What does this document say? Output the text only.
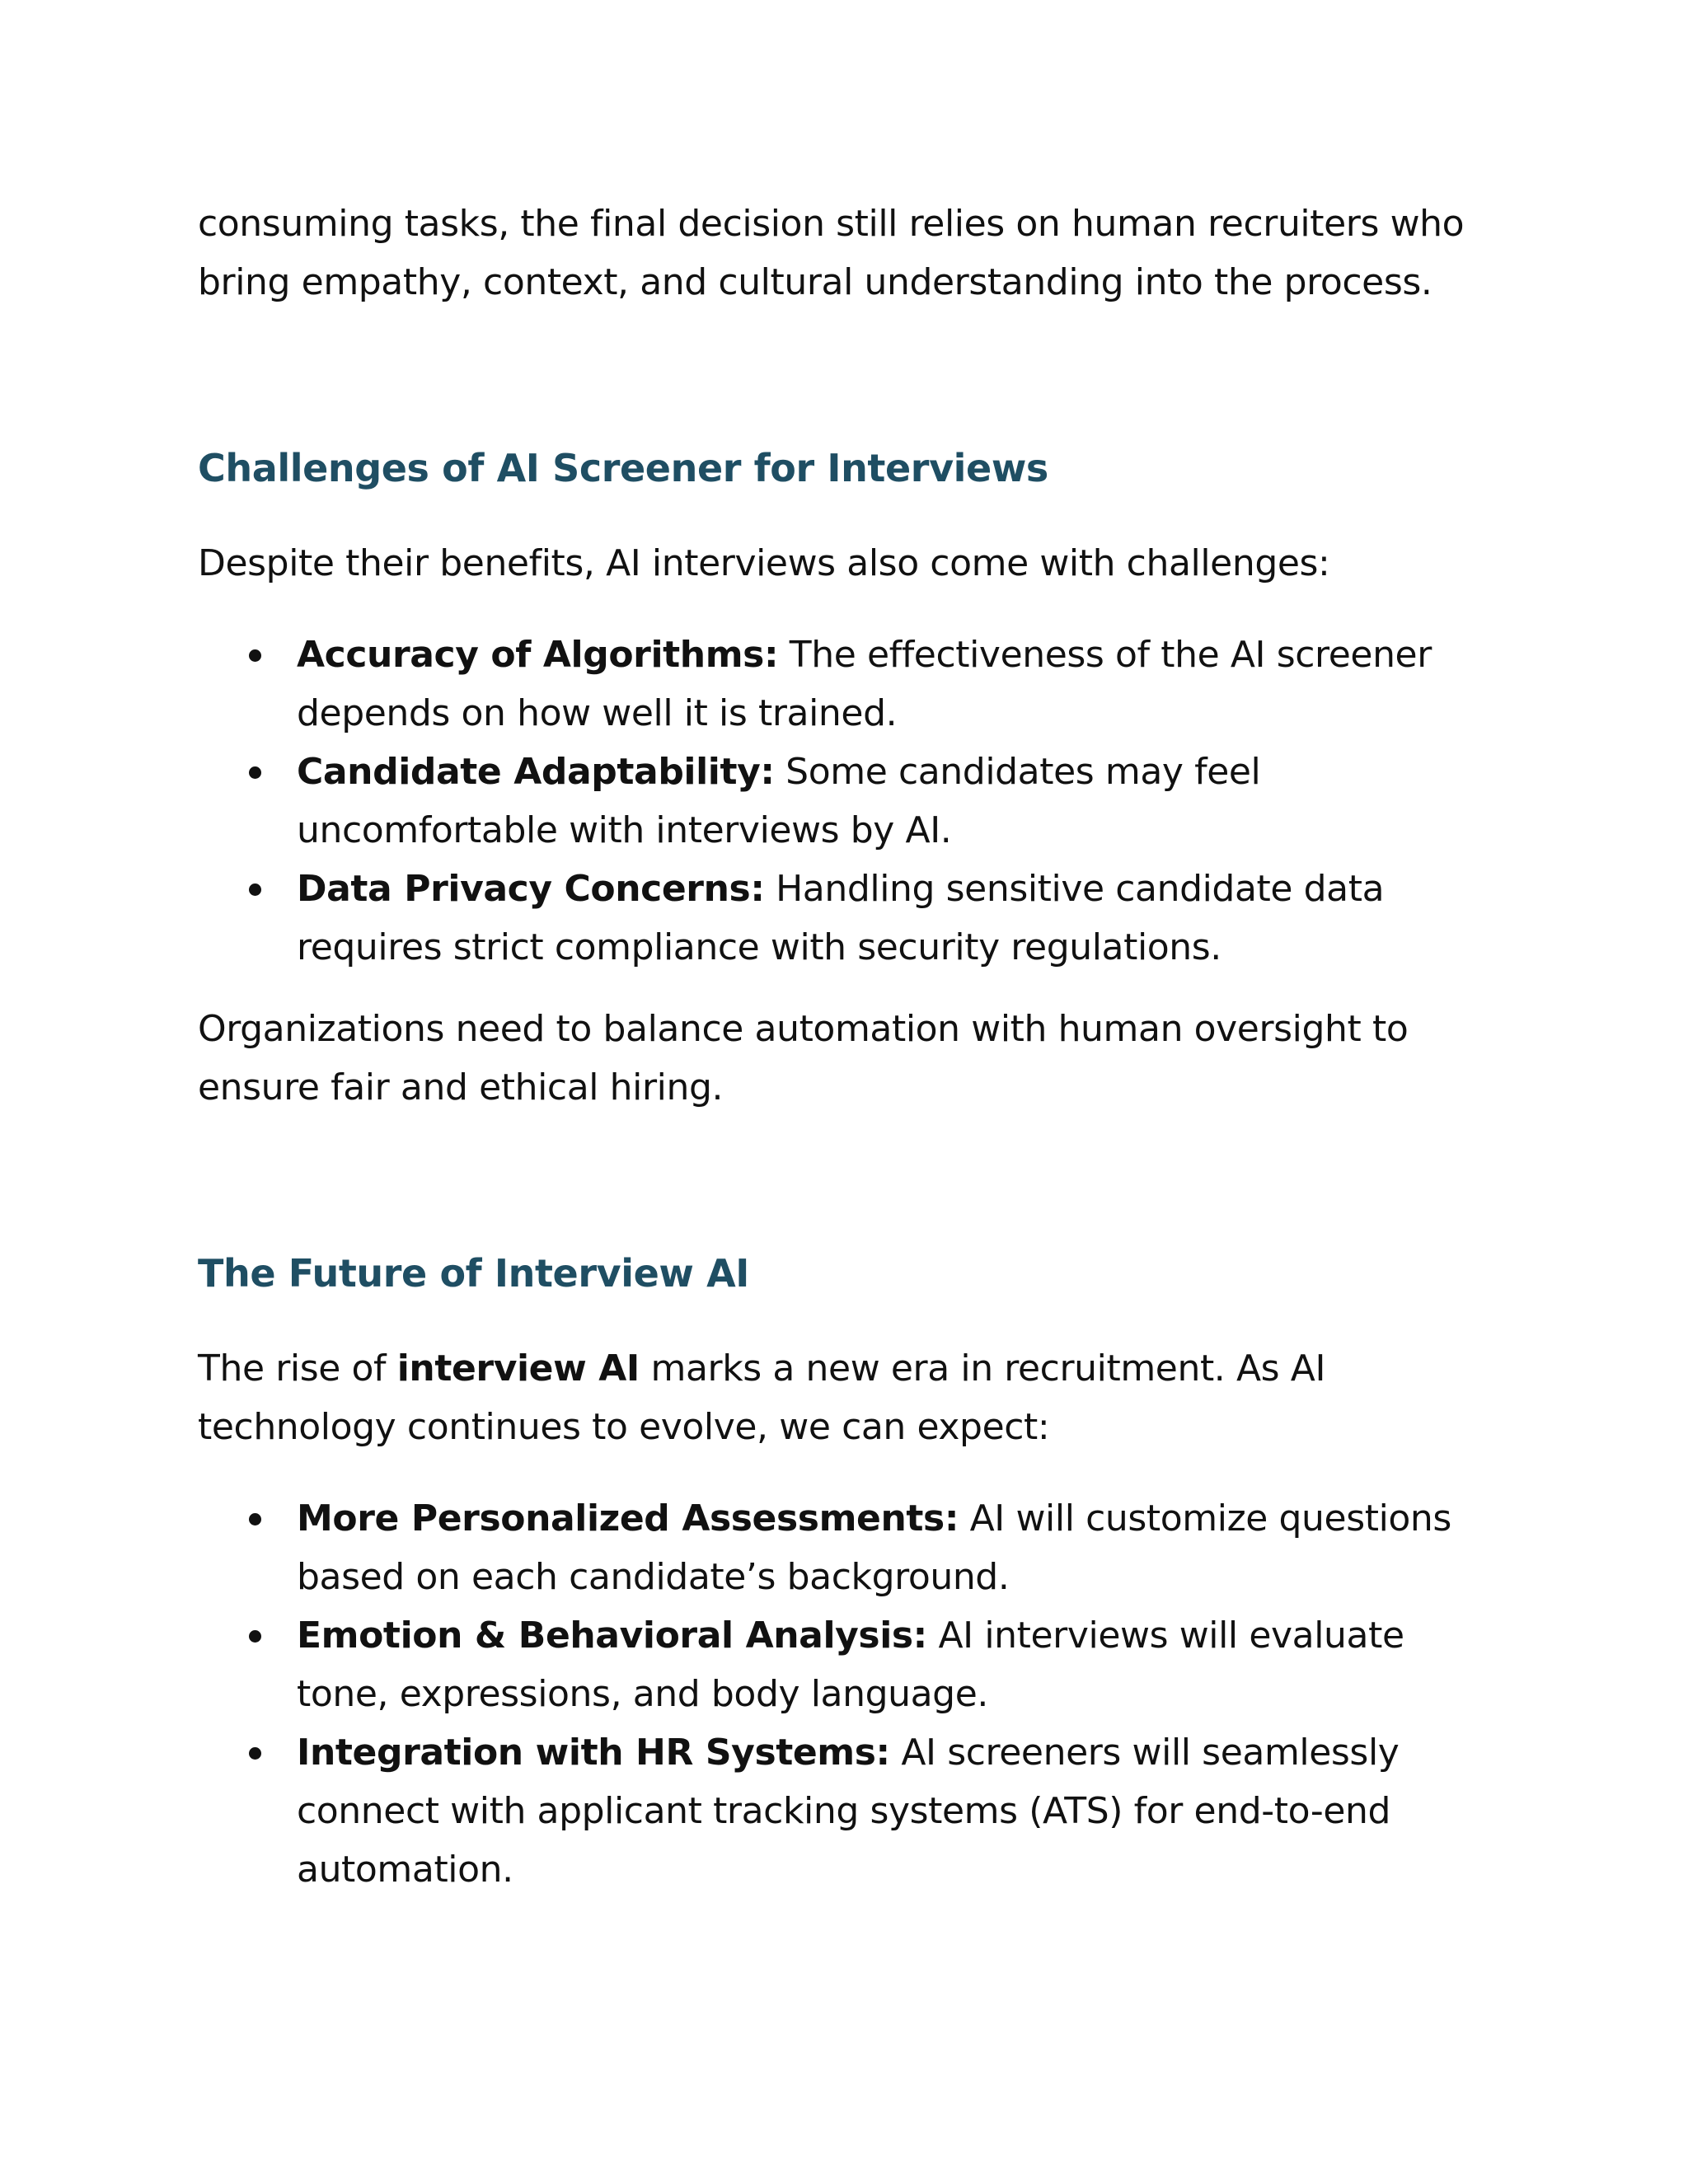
consuming tasks, the final decision still relies on human recruiters who bring empathy, context, and cultural understanding into the process.

Challenges of AI Screener for Interviews

Despite their benefits, AI interviews also come with challenges:

Accuracy of Algorithms: The effectiveness of the AI screener depends on how well it is trained.
Candidate Adaptability: Some candidates may feel uncomfortable with interviews by AI.
Data Privacy Concerns: Handling sensitive candidate data requires strict compliance with security regulations.

Organizations need to balance automation with human oversight to ensure fair and ethical hiring.

The Future of Interview AI

The rise of interview AI marks a new era in recruitment. As AI technology continues to evolve, we can expect:

More Personalized Assessments: AI will customize questions based on each candidate’s background.
Emotion & Behavioral Analysis: AI interviews will evaluate tone, expressions, and body language.
Integration with HR Systems: AI screeners will seamlessly connect with applicant tracking systems (ATS) for end-to-end automation.
